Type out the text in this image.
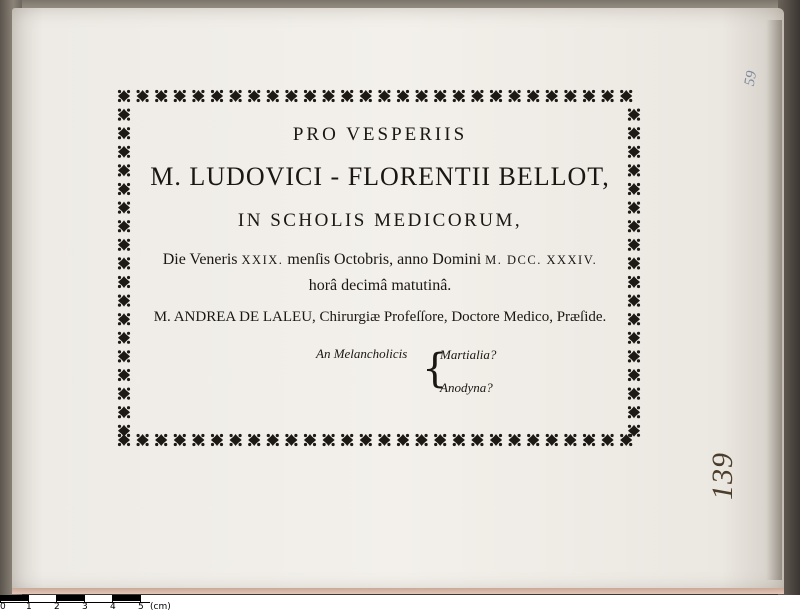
59
139
PRO VESPERIIS
M. LUDOVICI - FLORENTII BELLOT,
IN SCHOLIS MEDICORUM,
Die Veneris XXIX. menſis Octobris, anno Domini M. DCC. XXXIV.
horâ decimâ matutinâ.
M. ANDREA DE LALEU, Chirurgiæ Profeſſore, Doctore Medico, Præſide.
An Melancholicis {
Martialia?
Anodyna?
0 1 2 3 4 5 (cm)
